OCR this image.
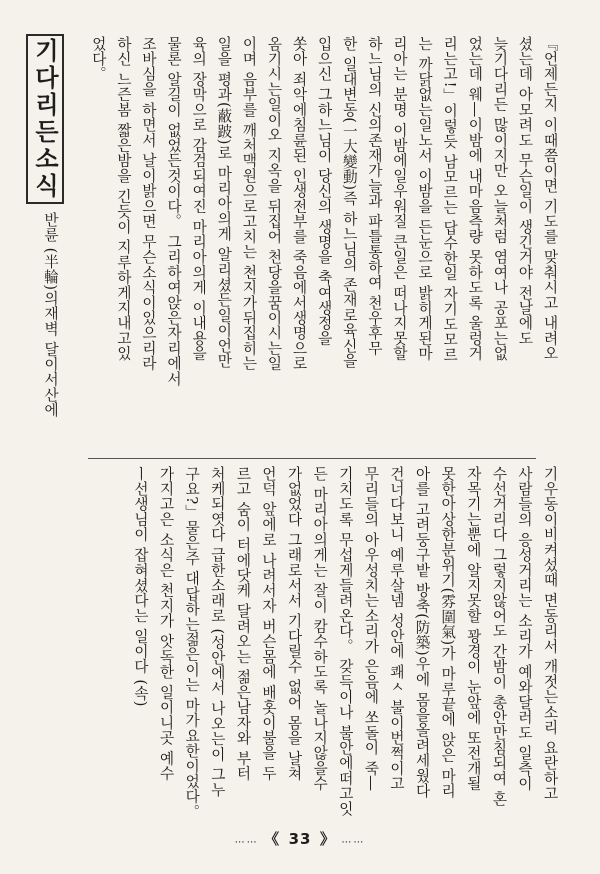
기다리든소식
반륜 (半輪)의재벽 달이서산에	『언제든지 이때쯤이면 기도를 맞춰시고 내려오
셨는데 아모려도 무슨일이 생긴거야 전날에도
늦기다리든 많이지만 오늘처럼 염여나 공포는없
었는데 웨―이밤에 내마음측량 못하도록 울렁거
리는고!」이렇듯 남모르는 답수한일 자기도모르
는 까닭없는일노서 이밤을 든눈으로 밝히게된마
리아는 분명 이밤에일우워질 큰일은 떠나지못할
하느님의 신의존재가늘과 파틀통하여 천우후무
한 일대변동(一大變動)즉 하느님의 존재로육신을
입으신 그하느님이 당신의 생명을 축여생정을
쏫아 죄악에침륜된 인생전부를 죽음에서생명으로
옴기시는일이오 지옥을 뒤집어 천당을꿈이시는일
이며 음부를 깨처맥원으로고치는 천지가뒤집히는
일을 평과(蔽跛)로 마리아의게 알리셨든일이언만
육의 장막으로 감검되여진 마리아의게 이내용을
물론 알길이 없었든것이다。 그리하여앉은자리에서
조바심을 하면서 날이밝으면 무슨소식이있으리라
하신 느즌봄 짧은밤을 긴듯이 지루하게지내고있
었다。
기우동이비켜섰때 면동리서 개젓는소리 요란하고
사람들의 응성거리는 소리가 예와달러도 일측이
수선거리다 그렇지않어도 간밤이 총안만침되여 혼
자목기는뿐에 알지못할 꽝경이 눈앞에 또전개될
못한아상한분위기(雰圍氣)가 마루끝에 앉은 마리
아를 고려둥구밭 방축(防築)우에 몸을올려세웠다
건너다보니 예루살넴 성안에 쾌ㅅ 불이번쩍이고
무리들의 아우성치는소리가 은음에 쏘돌이 죽―
기치도록 무섭게들려온다。 갖득이나 불안에떠고잇
든 마리아의게는 잘이 캄수하도록 놀나지않을수
가없었다 그래로서서 기다릴수 없어 몸을 날쳐
언덕 앞에로 나려서자 버슨몸에 배홋이불을 두
르고 숨이 터에닷케 달려오는 젊은남자와 부터
처케되엿다 급한소래로 (성안에서 나오는이 그누
구요?」물은주 대답하는젊은이는 마가요한이었다。
가지고은 소식은 천지가 앗독한 일이니곳 예수
ㅣ선생님이 잡혀셨다는 일이다 (속)
…… 《 33 》 ……
